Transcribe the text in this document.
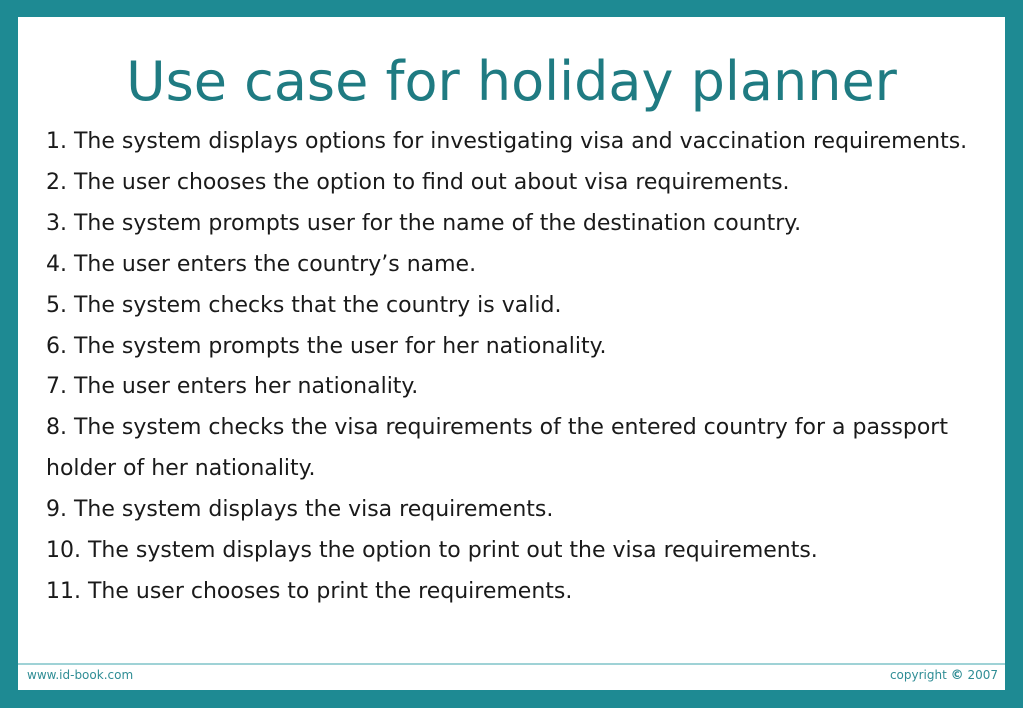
Use case for holiday planner
1. The system displays options for investigating visa and vaccination requirements.
2. The user chooses the option to find out about visa requirements.
3. The system prompts user for the name of the destination country.
4. The user enters the country’s name.
5. The system checks that the country is valid.
6. The system prompts the user for her nationality.
7. The user enters her nationality.
8. The system checks the visa requirements of the entered country for a passport holder of her nationality.
9. The system displays the visa requirements.
10. The system displays the option to print out the visa requirements.
11. The user chooses to print the requirements.
www.id-book.com	copyright © 2007
